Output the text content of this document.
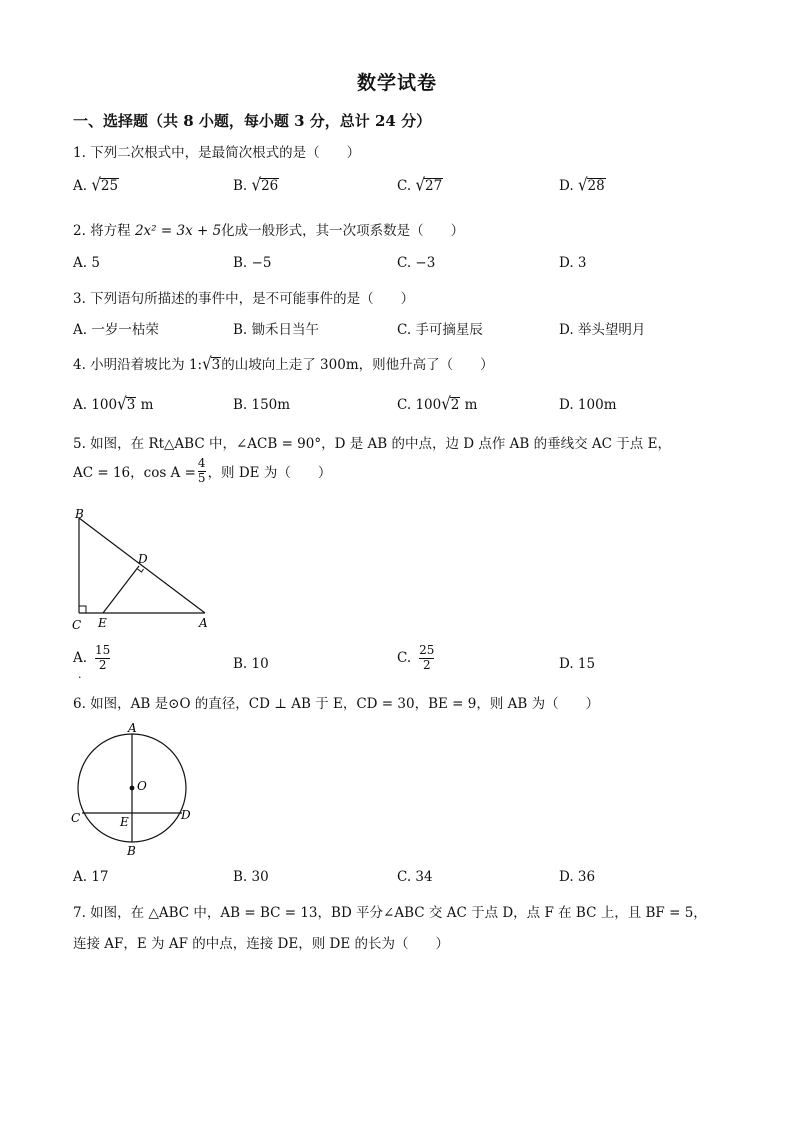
数学试卷
一、选择题（共 8 小题，每小题 3 分，总计 24 分）
1. 下列二次根式中，是最简次根式的是（　　）
A. √25	B. √26	C. √27	D. √28
2. 将方程 2x² = 3x + 5化成一般形式，其一次项系数是（　　）
A. 5	B. −5	C. −3	D. 3
3. 下列语句所描述的事件中，是不可能事件的是（　　）
A. 一岁一枯荣	B. 锄禾日当午	C. 手可摘星辰	D. 举头望明月
4. 小明沿着坡比为 1:√3的山坡向上走了 300m，则他升高了（　　）
A. 100√3 m	B. 150m	C. 100√2 m	D. 100m
5. 如图，在 Rt△ABC 中，∠ACB = 90°，D 是 AB 的中点，边 D 点作 AB 的垂线交 AC 于点 E，
AC = 16，$\cos A = \frac{4}{5}$ ，则 DE 为（　　）
B
C E	A
D
A. $\frac{15}{2}$
.
B. 10	C. $\frac{25}{2}$	D. 15
6. 如图，AB 是⊙O 的直径，CD ⊥ AB 于 E，CD = 30，BE = 9，则 AB 为（　　）
A
O
C	E	D
B
A. 17	B. 30	C. 34	D. 36
7. 如图，在 △ABC 中，AB = BC = 13，BD 平分∠ABC 交 AC 于点 D，点 F 在 BC 上，且 BF = 5，
连接 AF，E 为 AF 的中点，连接 DE，则 DE 的长为（　　）
